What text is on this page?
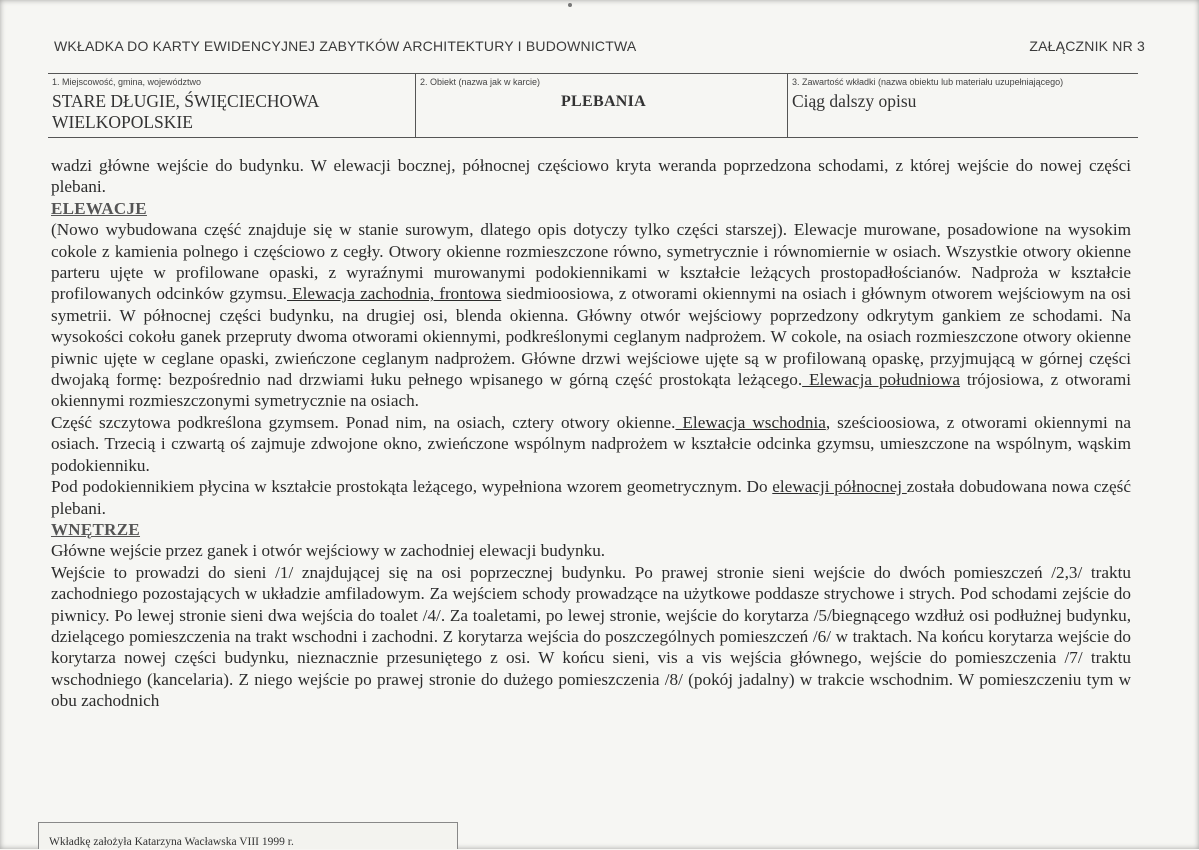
WKŁADKA DO KARTY EWIDENCYJNEJ ZABYTKÓW ARCHITEKTURY I BUDOWNICTWA	ZAŁĄCZNIK NR 3
1. Miejscowość, gmina, województwo
STARE DŁUGIE, ŚWIĘCIECHOWA
WIELKOPOLSKIE
2. Obiekt (nazwa jak w karcie)
PLEBANIA
3. Zawartość wkładki (nazwa obiektu lub materiału uzupełniającego)
Ciąg dalszy opisu

wadzi główne wejście do budynku. W elewacji bocznej, północnej częściowo kryta weranda poprzedzona schodami, z której wejście do nowej części plebani.

ELEWACJE

(Nowo wybudowana część znajduje się w stanie surowym, dlatego opis dotyczy tylko części starszej). Elewacje murowane, posadowione na wysokim cokole z kamienia polnego i częściowo z cegły. Otwory okienne rozmieszczone równo, symetrycznie i równomiernie w osiach. Wszystkie otwory okienne parteru ujęte w profilowane opaski, z wyraźnymi murowanymi podokiennikami w kształcie leżących prostopadłościanów. Nadproża w kształcie profilowanych odcinków gzymsu. Elewacja zachodnia, frontowa siedmioosiowa, z otworami okiennymi na osiach i głównym otworem wejściowym na osi symetrii. W północnej części budynku, na drugiej osi, blenda okienna. Główny otwór wejściowy poprzedzony odkrytym gankiem ze schodami. Na wysokości cokołu ganek przepruty dwoma otworami okiennymi, podkreślonymi ceglanym nadprożem. W cokole, na osiach rozmieszczone otwory okienne piwnic ujęte w ceglane opaski, zwieńczone ceglanym nadprożem. Główne drzwi wejściowe ujęte są w profilowaną opaskę, przyjmującą w górnej części dwojaką formę: bezpośrednio nad drzwiami łuku pełnego wpisanego w górną część prostokąta leżącego. Elewacja południowa trójosiowa, z otworami okiennymi rozmieszczonymi symetrycznie na osiach.

Część szczytowa podkreślona gzymsem. Ponad nim, na osiach, cztery otwory okienne. Elewacja wschodnia, sześcioosiowa, z otworami okiennymi na osiach. Trzecią i czwartą oś zajmuje zdwojone okno, zwieńczone wspólnym nadprożem w kształcie odcinka gzymsu, umieszczone na wspólnym, wąskim podokienniku.

Pod podokiennikiem płycina w kształcie prostokąta leżącego, wypełniona wzorem geometrycznym. Do elewacji północnej została dobudowana nowa część plebani.

WNĘTRZE

Główne wejście przez ganek i otwór wejściowy w zachodniej elewacji budynku.

Wejście to prowadzi do sieni /1/ znajdującej się na osi poprzecznej budynku. Po prawej stronie sieni wejście do dwóch pomieszczeń /2,3/ traktu zachodniego pozostających w układzie amfiladowym. Za wejściem schody prowadzące na użytkowe poddasze strychowe i strych. Pod schodami zejście do piwnicy. Po lewej stronie sieni dwa wejścia do toalet /4/. Za toaletami, po lewej stronie, wejście do korytarza /5/biegnącego wzdłuż osi podłużnej budynku, dzielącego pomieszczenia na trakt wschodni i zachodni. Z korytarza wejścia do poszczególnych pomieszczeń /6/ w traktach. Na końcu korytarza wejście do korytarza nowej części budynku, nieznacznie przesuniętego z osi. W końcu sieni, vis a vis wejścia głównego, wejście do pomieszczenia /7/ traktu wschodniego (kancelaria). Z niego wejście po prawej stronie do dużego pomieszczenia /8/ (pokój jadalny) w trakcie wschodnim. W pomieszczeniu tym w obu zachodnich

Wkładkę założyła Katarzyna Wacławska VIII 1999 r.
